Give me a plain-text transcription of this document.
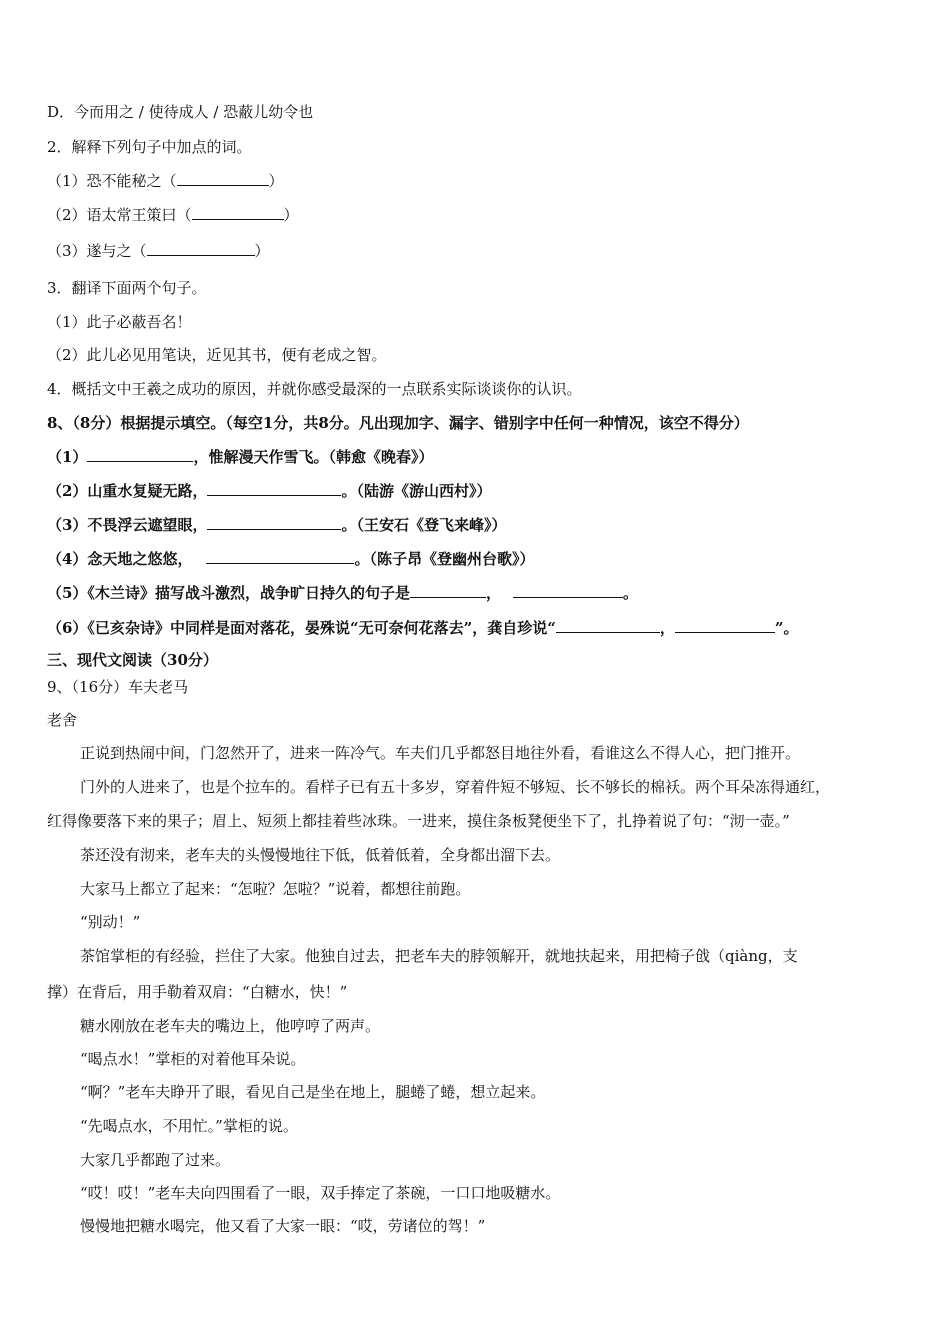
D．今而用之 / 使待成人 / 恐蔽儿幼令也
2．解释下列句子中加点的词。
（1）恐不能秘之（	）
（2）语太常王策曰（	）
（3）遂与之（	）
3．翻译下面两个句子。
（1）此子必蔽吾名！
（2）此儿必见用笔诀，近见其书，便有老成之智。
4．概括文中王羲之成功的原因，并就你感受最深的一点联系实际谈谈你的认识。
8、（8分）根据提示填空。（每空1分，共8分。凡出现加字、漏字、错别字中任何一种情况，该空不得分）
（1）	，惟解漫天作雪飞。（韩愈《晚春》）
（2）山重水复疑无路，	。（陆游《游山西村》）
（3）不畏浮云遮望眼，	。（王安石《登飞来峰》）
（4）念天地之悠悠，	。（陈子昂《登幽州台歌》）
（5）《木兰诗》描写战斗激烈，战争旷日持久的句子是	，	。
（6）《已亥杂诗》中同样是面对落花，晏殊说“无可奈何花落去”，龚自珍说“	，	”。
三、现代文阅读（30分）
9、（16分）车夫老马
老舍
正说到热闹中间，门忽然开了，进来一阵冷气。车夫们几乎都怒目地往外看，看谁这么不得人心，把门推开。
门外的人进来了，也是个拉车的。看样子已有五十多岁，穿着件短不够短、长不够长的棉袄。两个耳朵冻得通红，
红得像要落下来的果子；眉上、短须上都挂着些冰珠。一进来，摸住条板凳便坐下了，扎挣着说了句：“沏一壶。”
茶还没有沏来，老车夫的头慢慢地往下低，低着低着，全身都出溜下去。
大家马上都立了起来：“怎啦？怎啦？”说着，都想往前跑。
“别动！”
茶馆掌柜的有经验，拦住了大家。他独自过去，把老车夫的脖领解开，就地扶起来，用把椅子戗（qiàng，支
撑）在背后，用手勒着双肩：“白糖水，快！”
糖水刚放在老车夫的嘴边上，他哼哼了两声。
“喝点水！”掌柜的对着他耳朵说。
“啊？”老车夫睁开了眼，看见自己是坐在地上，腿蜷了蜷，想立起来。
“先喝点水，不用忙。”掌柜的说。
大家几乎都跑了过来。
“哎！哎！”老车夫向四围看了一眼，双手捧定了茶碗，一口口地吸糖水。
慢慢地把糖水喝完，他又看了大家一眼：“哎，劳诸位的驾！”
